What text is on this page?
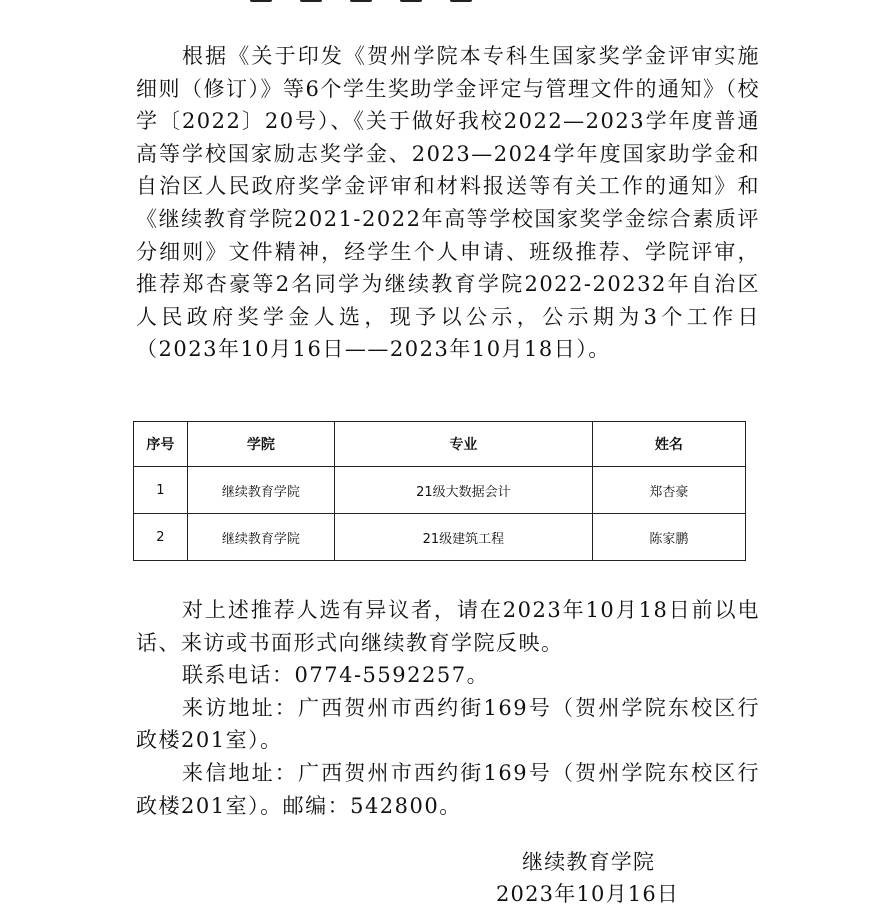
根据《关于印发《贺州学院本专科生国家奖学金评审实施细则（修订）》等6个学生奖助学金评定与管理文件的通知》（校学〔2022〕20号）、《关于做好我校2022—2023学年度普通高等学校国家励志奖学金、2023—2024学年度国家助学金和自治区人民政府奖学金评审和材料报送等有关工作的通知》和《继续教育学院2021-2022年高等学校国家奖学金综合素质评分细则》文件精神，经学生个人申请、班级推荐、学院评审，推荐郑杏豪等2名同学为继续教育学院2022-20232年自治区人民政府奖学金人选，现予以公示，公示期为3个工作日（2023年10月16日——2023年10月18日）。

序号	学院	专业	姓名
1	继续教育学院	21级大数据会计	郑杏豪
2	继续教育学院	21级建筑工程	陈家鹏

对上述推荐人选有异议者，请在2023年10月18日前以电话、来访或书面形式向继续教育学院反映。

联系电话：0774-5592257。

来访地址：广西贺州市西约街169号（贺州学院东校区行政楼201室）。

来信地址：广西贺州市西约街169号（贺州学院东校区行政楼201室）。邮编：542800。

继续教育学院
2023年10月16日
